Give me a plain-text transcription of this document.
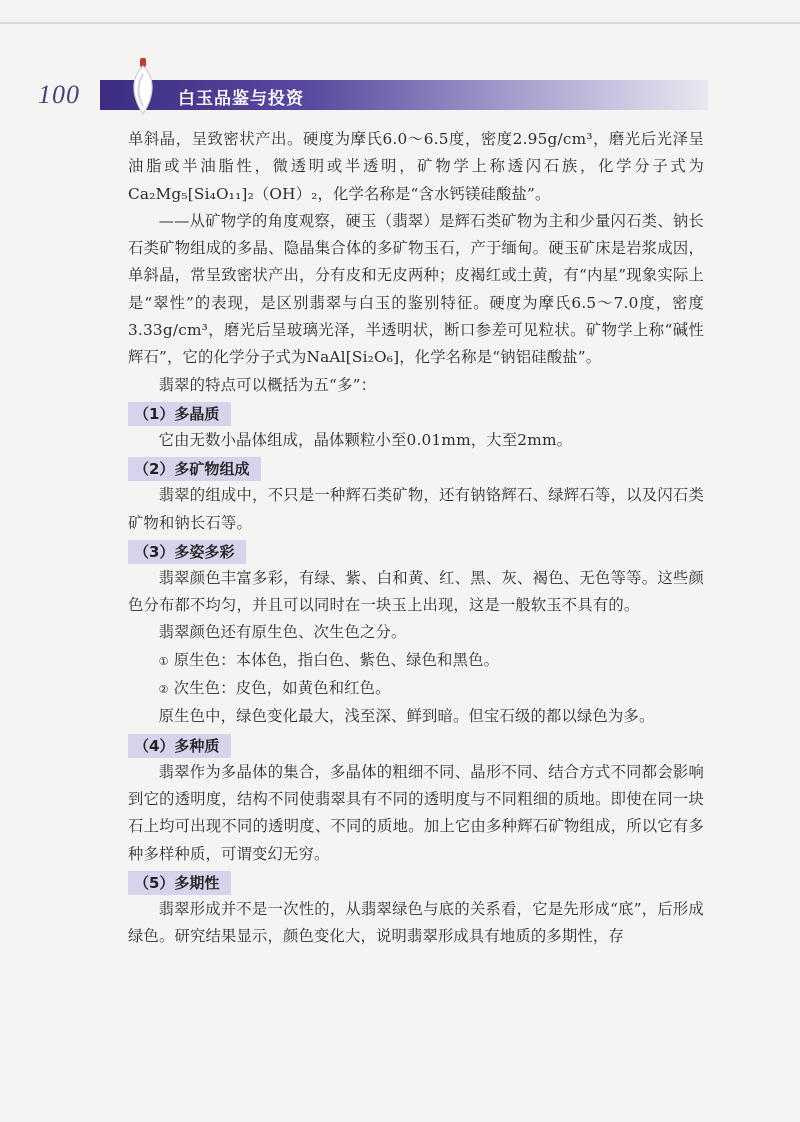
100	白玉品鉴与投资

单斜晶，呈致密状产出。硬度为摩氏6.0～6.5度，密度2.95g/cm³，磨光后光泽呈油脂或半油脂性，微透明或半透明，矿物学上称透闪石族，化学分子式为Ca₂Mg₅[Si₄O₁₁]₂（OH）₂，化学名称是“含水钙镁硅酸盐”。

——从矿物学的角度观察，硬玉（翡翠）是辉石类矿物为主和少量闪石类、钠长石类矿物组成的多晶、隐晶集合体的多矿物玉石，产于缅甸。硬玉矿床是岩浆成因，单斜晶，常呈致密状产出，分有皮和无皮两种；皮褐红或土黄，有“内星”现象实际上是“翠性”的表现，是区别翡翠与白玉的鉴别特征。硬度为摩氏6.5～7.0度，密度3.33g/cm³，磨光后呈玻璃光泽，半透明状，断口参差可见粒状。矿物学上称“碱性辉石”，它的化学分子式为NaAl[Si₂O₆]，化学名称是“钠铝硅酸盐”。

翡翠的特点可以概括为五“多”：

（1）多晶质

它由无数小晶体组成，晶体颗粒小至0.01mm，大至2mm。

（2）多矿物组成

翡翠的组成中，不只是一种辉石类矿物，还有钠铬辉石、绿辉石等，以及闪石类矿物和钠长石等。

（3）多姿多彩

翡翠颜色丰富多彩，有绿、紫、白和黄、红、黑、灰、褐色、无色等等。这些颜色分布都不均匀，并且可以同时在一块玉上出现，这是一般软玉不具有的。

翡翠颜色还有原生色、次生色之分。

① 原生色：本体色，指白色、紫色、绿色和黑色。

② 次生色：皮色，如黄色和红色。

原生色中，绿色变化最大，浅至深、鲜到暗。但宝石级的都以绿色为多。

（4）多种质

翡翠作为多晶体的集合，多晶体的粗细不同、晶形不同、结合方式不同都会影响到它的透明度，结构不同使翡翠具有不同的透明度与不同粗细的质地。即使在同一块石上均可出现不同的透明度、不同的质地。加上它由多种辉石矿物组成，所以它有多种多样种质，可谓变幻无穷。

（5）多期性

翡翠形成并不是一次性的，从翡翠绿色与底的关系看，它是先形成“底”，后形成绿色。研究结果显示，颜色变化大，说明翡翠形成具有地质的多期性，存
